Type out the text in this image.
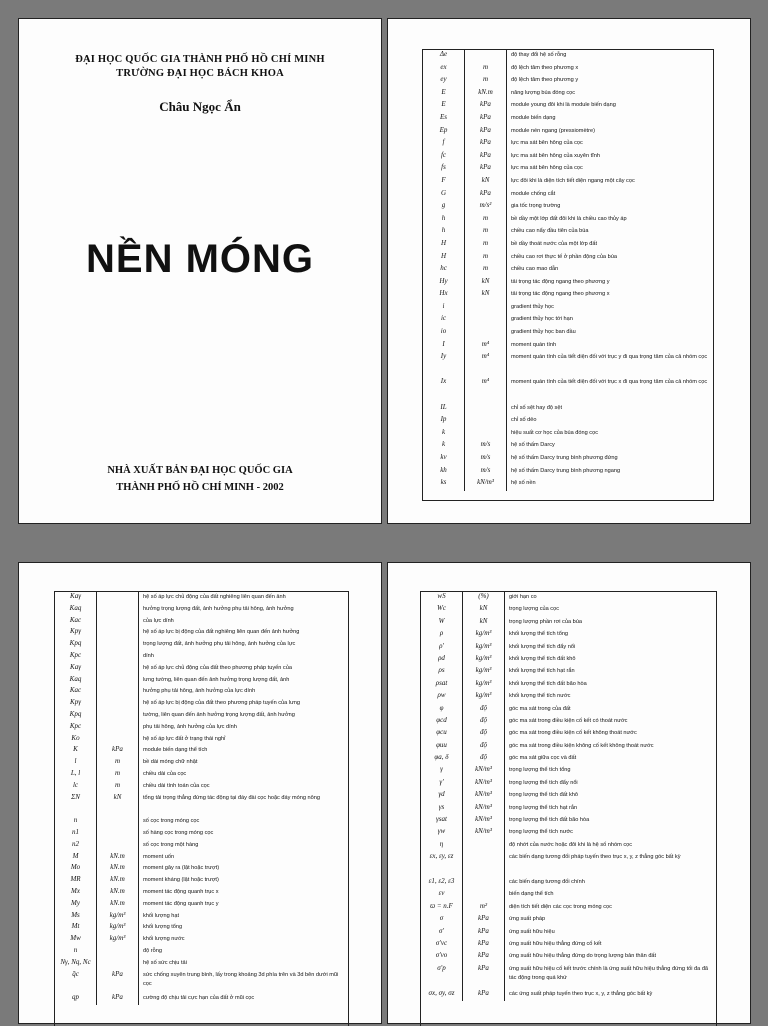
ĐẠI HỌC QUỐC GIA THÀNH PHỐ HỒ CHÍ MINH
TRƯỜNG ĐẠI HỌC BÁCH KHOA
Châu Ngọc Ẩn
NỀN MÓNG
NHÀ XUẤT BẢN ĐẠI HỌC QUỐC GIA
THÀNH PHỐ HỒ CHÍ MINH - 2002
Δe	độ thay đổi hệ số rỗng
ex	m	độ lệch tâm theo phương x
ey	m	độ lệch tâm theo phương y
E	kN.m	năng lượng búa đóng cọc
E	kPa	module young đôi khi là module biến dạng
Es	kPa	module biến dạng
Ep	kPa	module nén ngang (pressiomètre)
f	kPa	lực ma sát bên hông của cọc
fc	kPa	lực ma sát bên hông của xuyên tĩnh
fs	kPa	lực ma sát bên hông của cọc
F	kN	lực đôi khi là diện tích tiết diện ngang một cây cọc
G	kPa	module chống cắt
g	m/s²	gia tốc trọng trường
h	m	bề dầy một lớp đất đôi khi là chiều cao thủy áp
h	m	chiều cao nẩy đầu tiên của búa
H	m	bề dầy thoát nước của một lớp đất
H	m	chiều cao rơi thực tế ở phần động của búa
hc	m	chiều cao mao dẫn
Hy	kN	tải trọng tác động ngang theo phương y
Hx	kN	tải trọng tác động ngang theo phương x
i	gradient thủy học
ic	gradient thủy học tới hạn
io	gradient thủy học ban đầu
I	m⁴	moment quán tính
Iy	m⁴	moment quán tính của tiết diện đối với trục y đi qua trọng tâm của cả nhóm cọc
Ix	m⁴	moment quán tính của tiết diện đối với trục x đi qua trọng tâm của cả nhóm cọc
IL	chỉ số sệt hay độ sệt
Ip	chỉ số dẻo
k	hiệu suất cơ học của búa đóng cọc
k	m/s	hệ số thấm Darcy
kv	m/s	hệ số thấm Darcy trung bình phương đứng
kh	m/s	hệ số thấm Darcy trung bình phương ngang
ks	kN/m³	hệ số nền
Kaγ	hệ số áp lực chủ động của đất nghiêng liên quan đến ảnh
Kaq	hưởng trọng lượng đất, ảnh hưởng phụ tải hông, ảnh hưởng
Kac	của lực dính
Kpγ	hệ số áp lực bị động của đất nghiêng liên quan đến ảnh hưởng
Kpq	trọng lượng đất, ảnh hưởng phụ tải hông, ảnh hưởng của lực
Kpc	dính
Kaγ	hệ số áp lực chủ động của đất theo phương pháp tuyến của
Kaq	lưng tường, liên quan đến ảnh hưởng trọng lượng đất, ảnh
Kac	hưởng phụ tải hông, ảnh hưởng của lực dính
Kpγ	hệ số áp lực bị động của đất theo phương pháp tuyến của lưng
Kpq	tường, liên quan đến ảnh hưởng trọng lượng đất, ảnh hưởng
Kpc	phụ tải hông, ảnh hưởng của lực dính
Ko	hệ số áp lực đất ở trạng thái nghỉ
K	kPa	module biến dạng thể tích
l	m	bề dài móng chữ nhật
L, l	m	chiều dài của cọc
lc	m	chiều dài tính toán của cọc
ΣN	kN	tổng tải trọng thẳng đứng tác động tại đáy đài cọc hoặc đáy móng nông
n	số cọc trong móng cọc
n1	số hàng cọc trong móng cọc
n2	số cọc trong một hàng
M	kN.m	moment uốn
Mo	kN.m	moment gây ra (lật hoặc trượt)
MR	kN.m	moment kháng (lật hoặc trượt)
Mx	kN.m	moment tác động quanh trục x
My	kN.m	moment tác động quanh trục y
Ms	kg/m³	khối lượng hạt
Mt	kg/m³	khối lượng tổng
Mw	kg/m³	khối lượng nước
n	độ rỗng
Nγ, Nq, Nc	hệ số sức chịu tải
q̄c	kPa	sức chống xuyên trung bình, lấy trong khoảng 3d phía trên và 3d bên dưới mũi cọc
qp	kPa	cường độ chịu tải cực hạn của đất ở mũi cọc
wS	(%)	giới hạn co
Wc	kN	trọng lượng của cọc
W	kN	trọng lượng phần rơi của búa
ρ	kg/m³	khối lượng thể tích tổng
ρ'	kg/m³	khối lượng thể tích đẩy nổi
ρd	kg/m³	khối lượng thể tích đất khô
ρs	kg/m³	khối lượng thể tích hạt rắn
ρsat	kg/m³	khối lượng thể tích đất bão hòa
ρw	kg/m³	khối lượng thể tích nước
φ	độ	góc ma sát trong của đất
φcd	độ	góc ma sát trong điều kiện cố kết có thoát nước
φcu	độ	góc ma sát trong điều kiện cố kết không thoát nước
φuu	độ	góc ma sát trong điều kiện không cố kết không thoát nước
φa, δ	độ	góc ma sát giữa cọc và đất
γ	kN/m³	trọng lượng thể tích tổng
γ'	kN/m³	trọng lượng thể tích đẩy nổi
γd	kN/m³	trọng lượng thể tích đất khô
γs	kN/m³	trọng lượng thể tích hạt rắn
γsat	kN/m³	trọng lượng thể tích đất bão hòa
γw	kN/m³	trọng lượng thể tích nước
η	độ nhớt của nước hoặc đôi khi là hệ số nhóm cọc
εx, εy, εz	các biến dạng tương đối pháp tuyến theo trục x, y, z thẳng góc bất kỳ
ε1, ε2, ε3	các biến dạng tương đối chính
εv	biến dạng thể tích
ϖ = n.F	m²	diện tích tiết diện các cọc trong móng cọc
σ	kPa	ứng suất pháp
σ'	kPa	ứng suất hữu hiệu
σ'vc	kPa	ứng suất hữu hiệu thẳng đứng cố kết
σ'vo	kPa	ứng suất hữu hiệu thẳng đứng do trọng lượng bản thân đất
σ'p	kPa	ứng suất hữu hiệu cố kết trước chính là ứng suất hữu hiệu thẳng đứng tối đa đã tác động trong quá khứ
σx, σy, σz	kPa	các ứng suất pháp tuyến theo trục x, y, z thẳng góc bất kỳ
